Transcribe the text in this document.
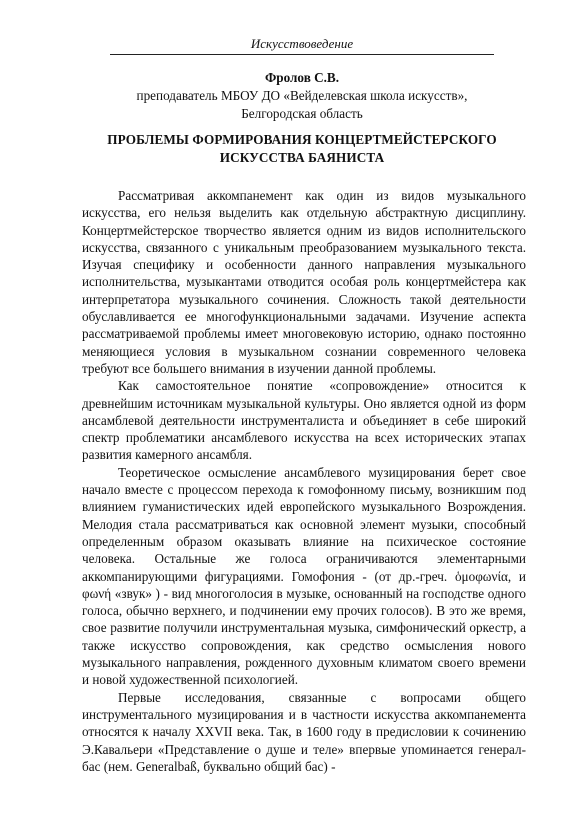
Искусствоведение
Фролов С.В.
преподаватель МБОУ ДО «Вейделевская школа искусств»,
Белгородская область
ПРОБЛЕМЫ ФОРМИРОВАНИЯ КОНЦЕРТМЕЙСТЕРСКОГО
ИСКУССТВА БАЯНИСТА

Рассматривая аккомпанемент как один из видов музыкального искусства, его нельзя выделить как отдельную абстрактную дисциплину. Концертмейстерское творчество является одним из видов исполнительского искусства, связанного с уникальным преобразованием музыкального текста. Изучая специфику и особенности данного направления музыкального исполнительства, музыкантами отводится особая роль концертмейстера как интерпретатора музыкального сочинения. Сложность такой деятельности обуславливается ее многофункциональными задачами. Изучение аспекта рассматриваемой проблемы имеет многовековую историю, однако постоянно меняющиеся условия в музыкальном сознании современного человека требуют все большего внимания в изучении данной проблемы.

Как самостоятельное понятие «сопровождение» относится к древнейшим источникам музыкальной культуры. Оно является одной из форм ансамблевой деятельности инструменталиста и объединяет в себе широкий спектр проблематики ансамблевого искусства на всех исторических этапах развития камерного ансамбля.

Теоретическое осмысление ансамблевого музицирования берет свое начало вместе с процессом перехода к гомофонному письму, возникшим под влиянием гуманистических идей европейского музыкального Возрождения. Мелодия стала рассматриваться как основной элемент музыки, способный определенным образом оказывать влияние на психическое состояние человека. Остальные же голоса ограничиваются элементарными аккомпанирующими фигурациями. Гомофония - (от др.-греч. ὁμοφωνία, и φωνή «звук» ) - вид многоголосия в музыке, основанный на господстве одного голоса, обычно верхнего, и подчинении ему прочих голосов). В это же время, свое развитие получили инструментальная музыка, симфонический оркестр, а также искусство сопровождения, как средство осмысления нового музыкального направления, рожденного духовным климатом своего времени и новой художественной психологией.

Первые исследования, связанные с вопросами общего инструментального музицирования и в частности искусства аккомпанемента относятся к началу XXVII века. Так, в 1600 году в предисловии к сочинению Э.Кавальери «Представление о душе и теле» впервые упоминается генерал-бас (нем. Generalbaß, буквально общий бас) -
